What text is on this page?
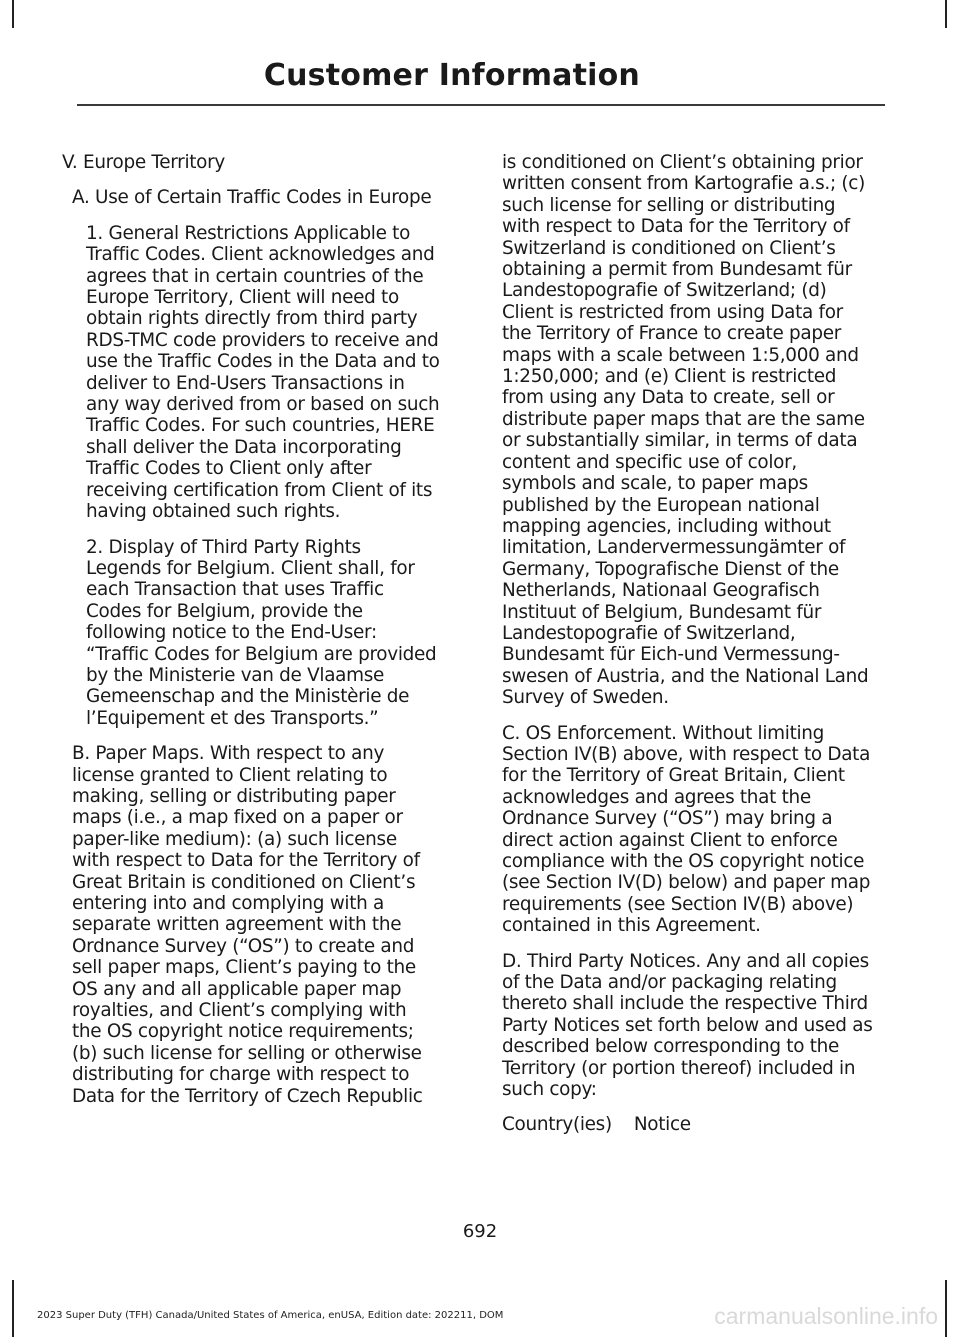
Customer Information

V. Europe Territory

A. Use of Certain Traffic Codes in Europe

1. General Restrictions Applicable to Traffic Codes. Client acknowledges and agrees that in certain countries of the Europe Territory, Client will need to obtain rights directly from third party RDS-TMC code providers to receive and use the Traffic Codes in the Data and to deliver to End-Users Transactions in any way derived from or based on such Traffic Codes. For such countries, HERE shall deliver the Data incorporating Traffic Codes to Client only after receiving certification from Client of its having obtained such rights.

2. Display of Third Party Rights Legends for Belgium. Client shall, for each Transaction that uses Traffic Codes for Belgium, provide the following notice to the End-User: “Traffic Codes for Belgium are provided by the Ministerie van de Vlaamse Gemeenschap and the Ministèrie de l’Equipement et des Transports.”

B. Paper Maps. With respect to any license granted to Client relating to making, selling or distributing paper maps (i.e., a map fixed on a paper or paper-like medium): (a) such license with respect to Data for the Territory of Great Britain is conditioned on Client’s entering into and complying with a separate written agreement with the Ordnance Survey (“OS”) to create and sell paper maps, Client’s paying to the OS any and all applicable paper map royalties, and Client’s complying with the OS copyright notice requirements; (b) such license for selling or otherwise distributing for charge with respect to Data for the Territory of Czech Republic

is conditioned on Client’s obtaining prior written consent from Kartografie a.s.; (c) such license for selling or distributing with respect to Data for the Territory of Switzerland is conditioned on Client’s obtaining a permit from Bundesamt für Landestopografie of Switzerland; (d) Client is restricted from using Data for the Territory of France to create paper maps with a scale between 1:5,000 and 1:250,000; and (e) Client is restricted from using any Data to create, sell or distribute paper maps that are the same or substantially similar, in terms of data content and specific use of color, symbols and scale, to paper maps published by the European national mapping agencies, including without limitation, Landervermessungämter of Germany, Topografische Dienst of the Netherlands, Nationaal Geografisch Instituut of Belgium, Bundesamt für Landestopografie of Switzerland, Bundesamt für Eich-und Vermessung-swesen of Austria, and the National Land Survey of Sweden.

C. OS Enforcement. Without limiting Section IV(B) above, with respect to Data for the Territory of Great Britain, Client acknowledges and agrees that the Ordnance Survey (“OS”) may bring a direct action against Client to enforce compliance with the OS copyright notice (see Section IV(D) below) and paper map requirements (see Section IV(B) above) contained in this Agreement.

D. Third Party Notices. Any and all copies of the Data and/or packaging relating thereto shall include the respective Third Party Notices set forth below and used as described below corresponding to the Territory (or portion thereof) included in such copy:

Country(ies) Notice
692
2023 Super Duty (TFH) Canada/United States of America, enUSA, Edition date: 202211, DOM	carmanualsonline.info
